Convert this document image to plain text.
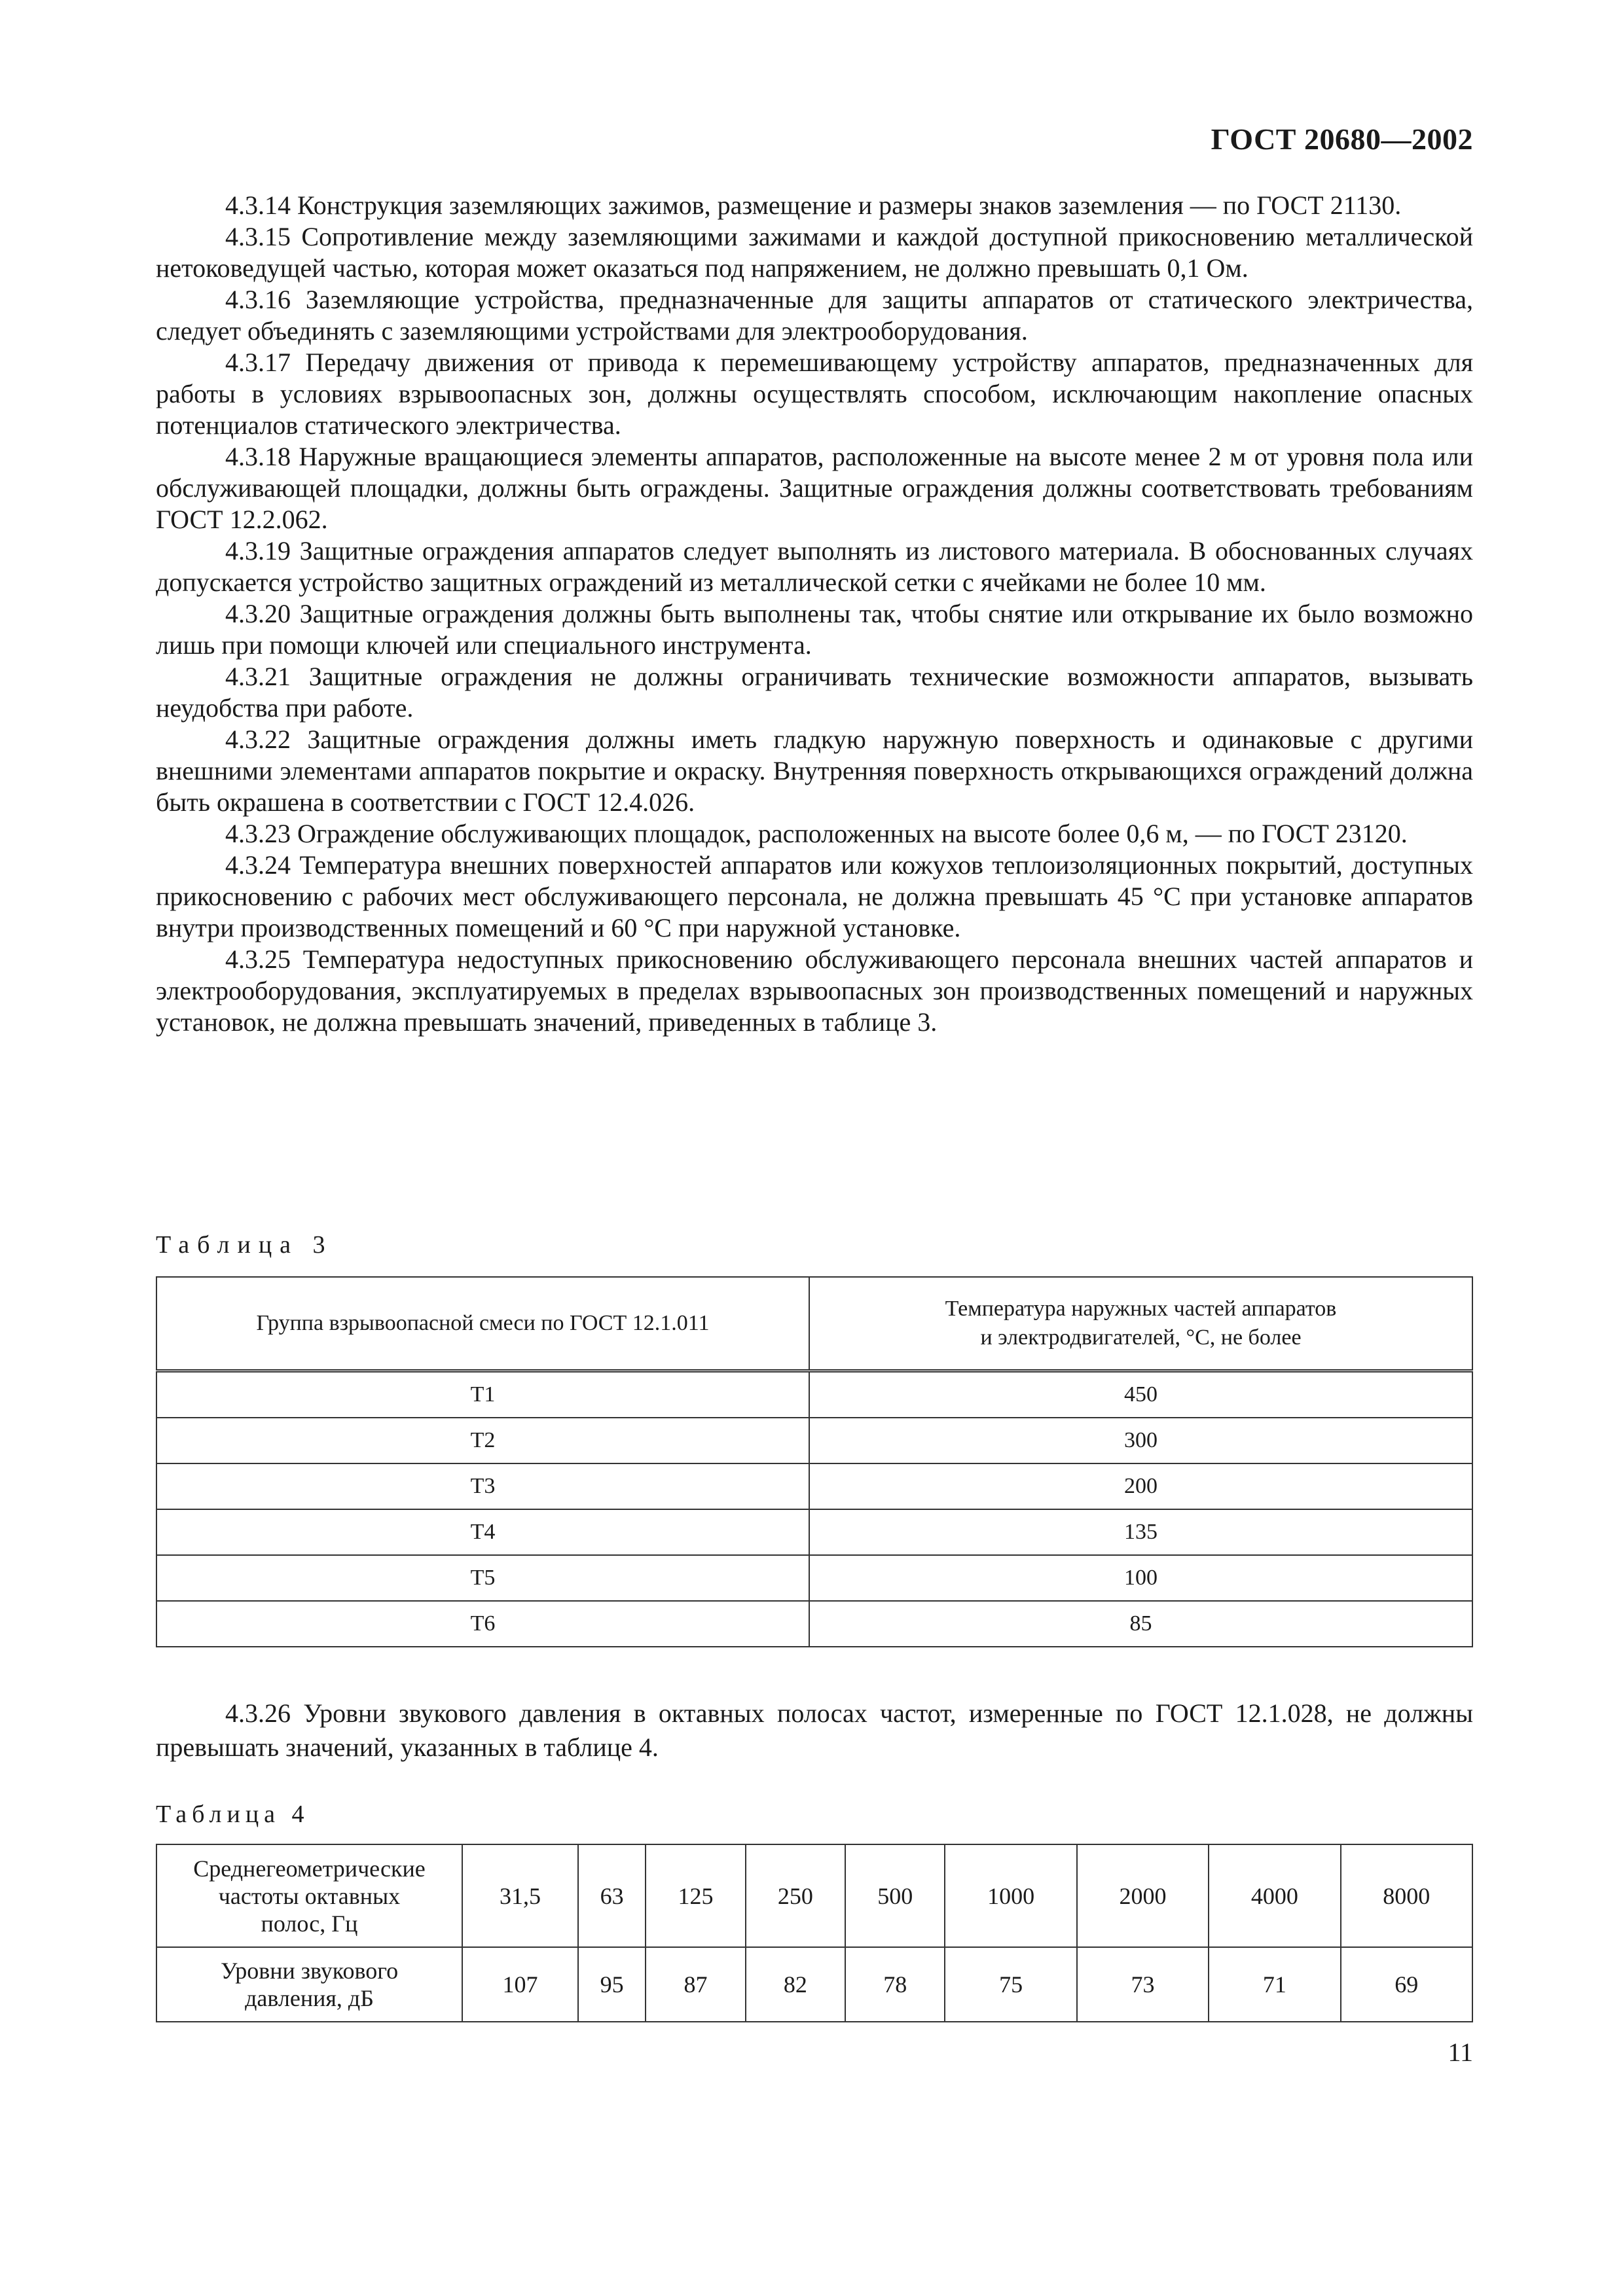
ГОСТ 20680—2002

4.3.14 Конструкция заземляющих зажимов, размещение и размеры знаков заземления — по ГОСТ 21130.

4.3.15 Сопротивление между заземляющими зажимами и каждой доступной прикосновению металлической нетоковедущей частью, которая может оказаться под напряжением, не должно превышать 0,1 Ом.

4.3.16 Заземляющие устройства, предназначенные для защиты аппаратов от статического электричества, следует объединять с заземляющими устройствами для электрооборудования.

4.3.17 Передачу движения от привода к перемешивающему устройству аппаратов, предназначенных для работы в условиях взрывоопасных зон, должны осуществлять способом, исключающим накопление опасных потенциалов статического электричества.

4.3.18 Наружные вращающиеся элементы аппаратов, расположенные на высоте менее 2 м от уровня пола или обслуживающей площадки, должны быть ограждены. Защитные ограждения должны соответствовать требованиям ГОСТ 12.2.062.

4.3.19 Защитные ограждения аппаратов следует выполнять из листового материала. В обоснованных случаях допускается устройство защитных ограждений из металлической сетки с ячейками не более 10 мм.

4.3.20 Защитные ограждения должны быть выполнены так, чтобы снятие или открывание их было возможно лишь при помощи ключей или специального инструмента.

4.3.21 Защитные ограждения не должны ограничивать технические возможности аппаратов, вызывать неудобства при работе.

4.3.22 Защитные ограждения должны иметь гладкую наружную поверхность и одинаковые с другими внешними элементами аппаратов покрытие и окраску. Внутренняя поверхность открывающихся ограждений должна быть окрашена в соответствии с ГОСТ 12.4.026.

4.3.23 Ограждение обслуживающих площадок, расположенных на высоте более 0,6 м, — по ГОСТ 23120.

4.3.24 Температура внешних поверхностей аппаратов или кожухов теплоизоляционных покрытий, доступных прикосновению с рабочих мест обслуживающего персонала, не должна превышать 45 °С при установке аппаратов внутри производственных помещений и 60 °С при наружной установке.

4.3.25 Температура недоступных прикосновению обслуживающего персонала внешних частей аппаратов и электрооборудования, эксплуатируемых в пределах взрывоопасных зон производственных помещений и наружных установок, не должна превышать значений, приведенных в таблице 3.

Таблица 3
Группа взрывоопасной смеси по ГОСТ 12.1.011	Температура наружных частей аппаратов
и электродвигателей, °С, не более
Т1	450
Т2	300
Т3	200
Т4	135
Т5	100
Т6	85

4.3.26 Уровни звукового давления в октавных полосах частот, измеренные по ГОСТ 12.1.028, не должны превышать значений, указанных в таблице 4.

Таблица 4
Среднегеометрические
частоты октавных
полос, Гц	31,5	63	125	250	500	1000	2000	4000	8000
Уровни звукового
давления, дБ	107	95	87	82	78	75	73	71	69
11
